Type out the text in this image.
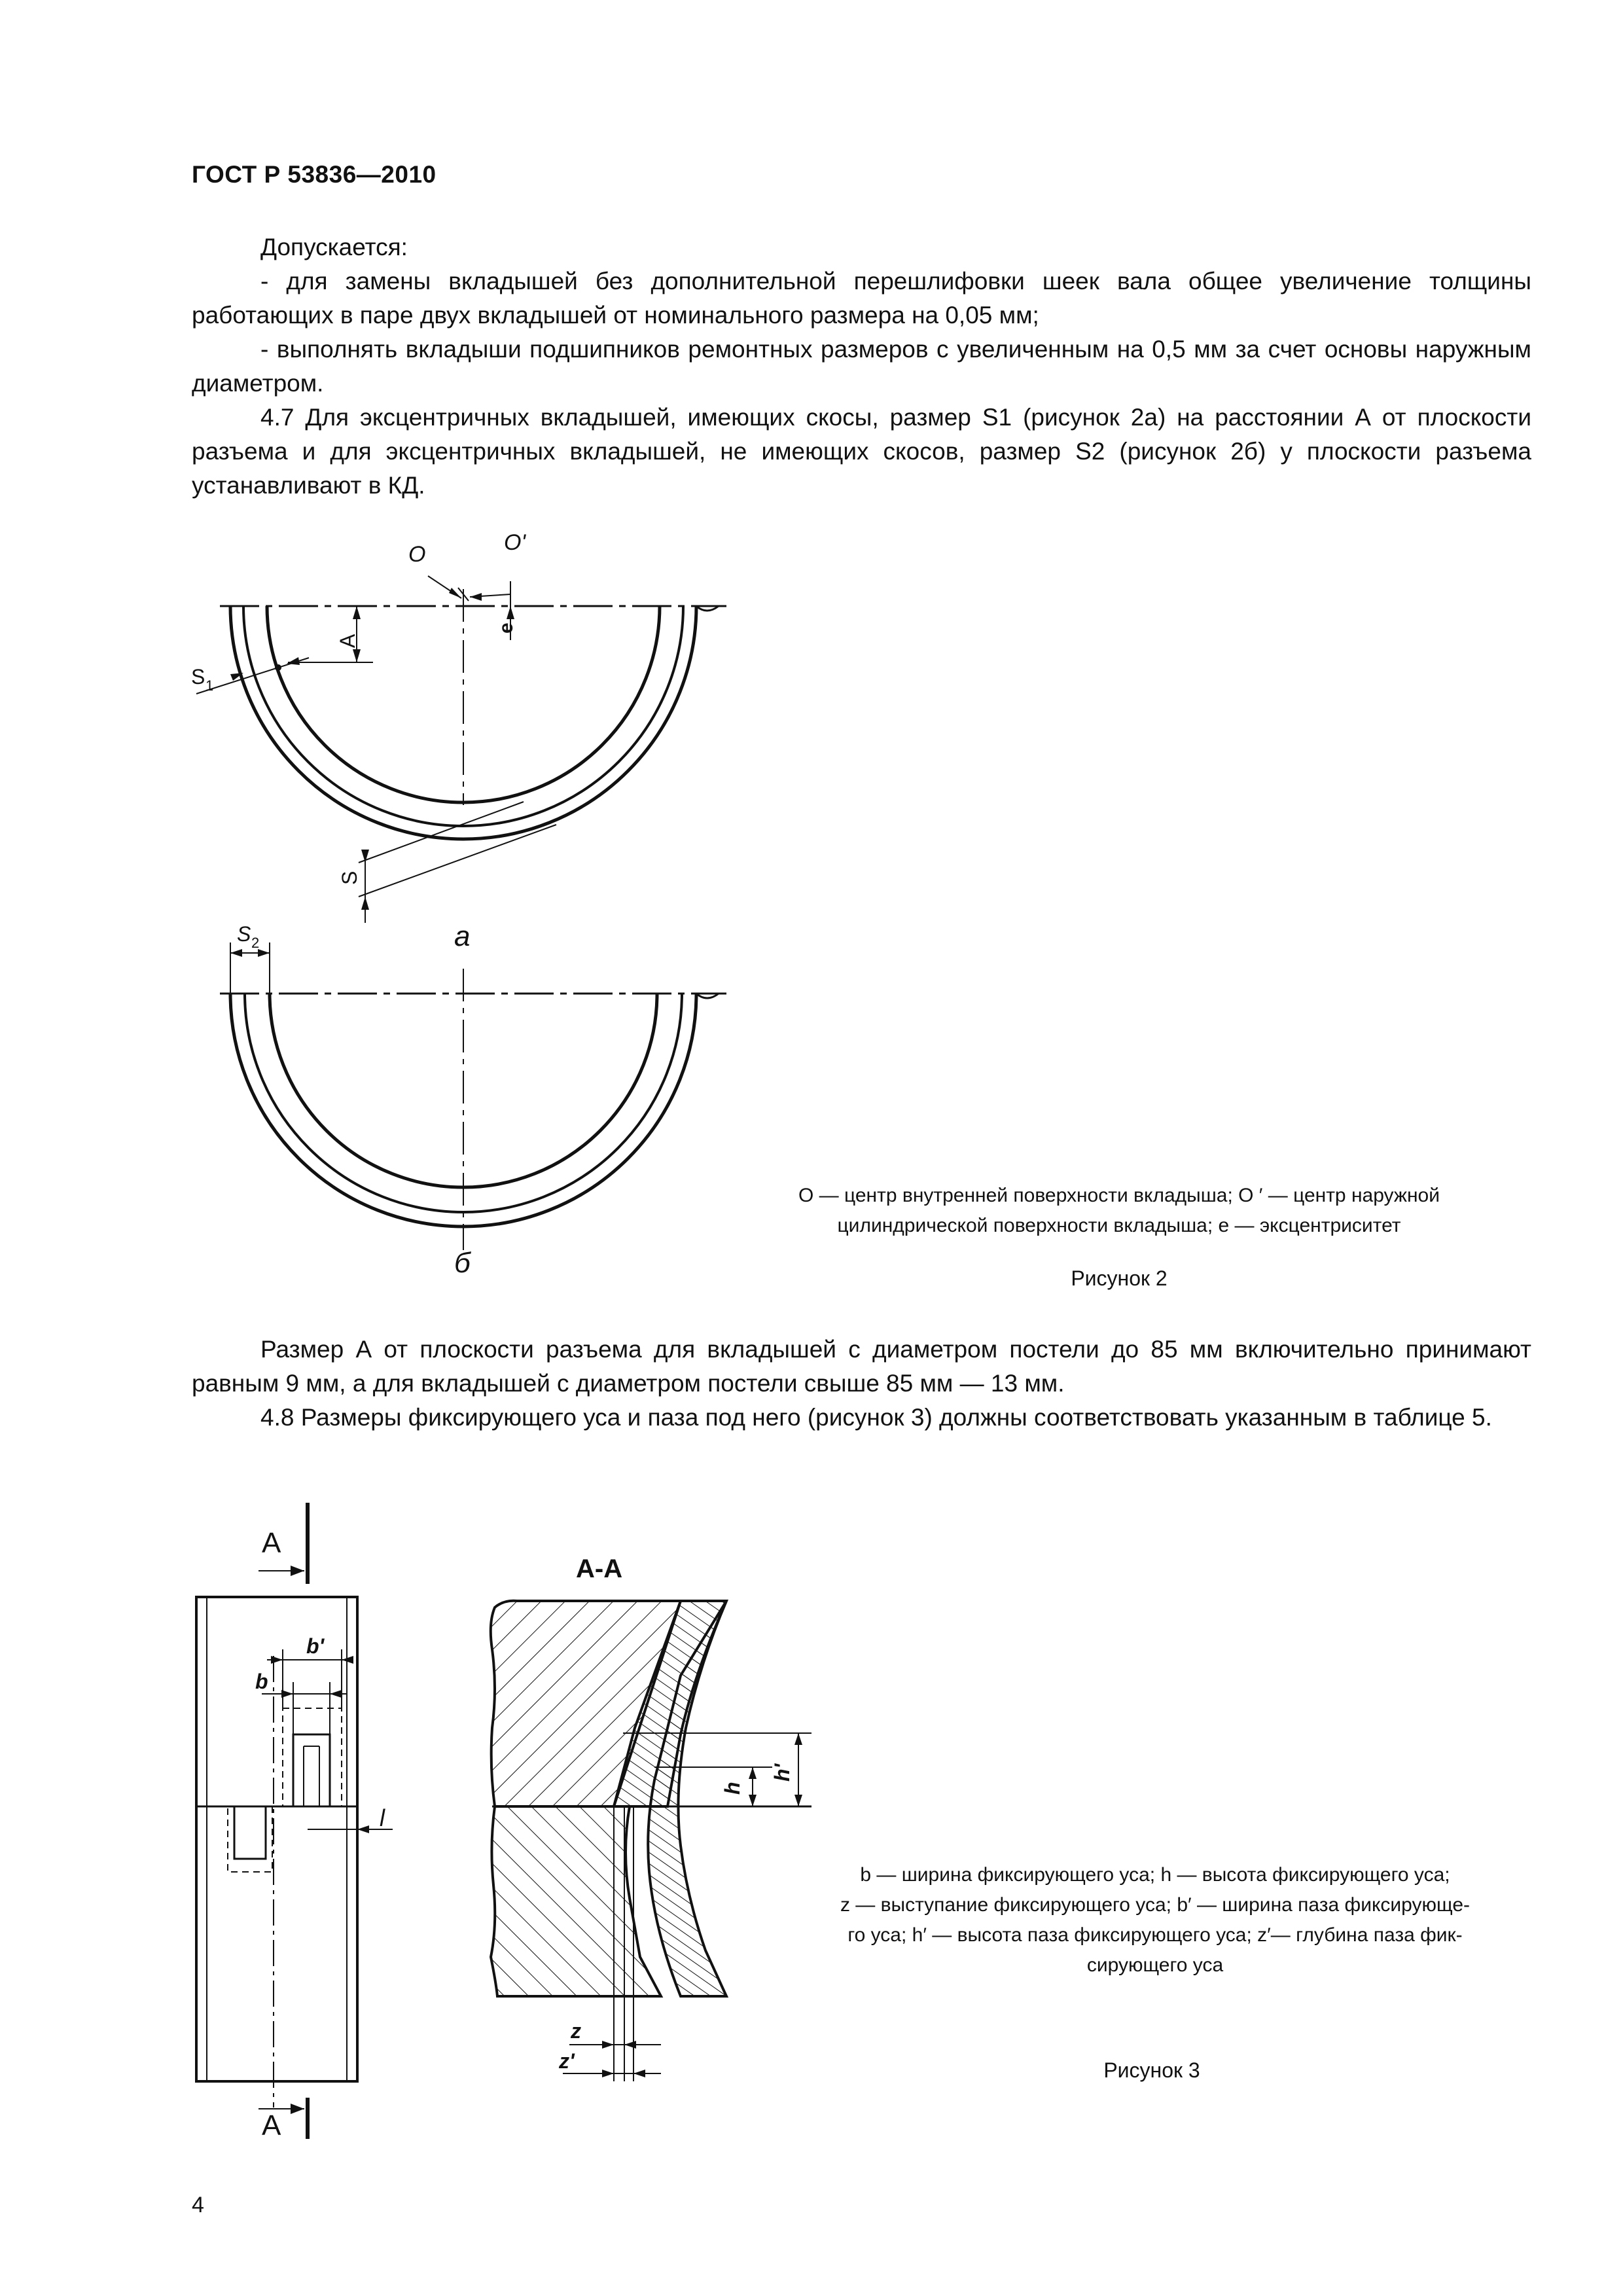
ГОСТ Р 53836—2010

Допускается:

- для замены вкладышей без дополнительной перешлифовки шеек вала общее увеличение толщины работающих в паре двух вкладышей от номинального размера на 0,05 мм;

- выполнять вкладыши подшипников ремонтных размеров с увеличенным на 0,5 мм за счет основы наружным диаметром.

4.7 Для эксцентричных вкладышей, имеющих скосы, размер S1 (рисунок 2а) на расстоянии А от плоскости разъема и для эксцентричных вкладышей, не имеющих скосов, размер S2 (рисунок 2б) у плоскости разъема устанавливают в КД.

O	O'
e
A
S 1
S
S 2
A
A
b'
b
l
А-А
h
h'
z
z'
а
б
O — центр внутренней поверхности вкладыша; O ′ — центр наружной
цилиндрической поверхности вкладыша; e — эксцентриситет
Рисунок 2

Размер А от плоскости разъема для вкладышей с диаметром постели до 85 мм включительно принимают равным 9 мм, а для вкладышей с диаметром постели свыше 85 мм — 13 мм.

4.8 Размеры фиксирующего уса и паза под него (рисунок 3) должны соответствовать указанным в таблице 5.

b — ширина фиксирующего уса; h — высота фиксирующего уса;
z — выступание фиксирующего уса; b′ — ширина паза фиксирующе-
го уса; h′ — высота паза фиксирующего уса; z′— глубина паза фик-
сирующего уса
Рисунок 3
4
